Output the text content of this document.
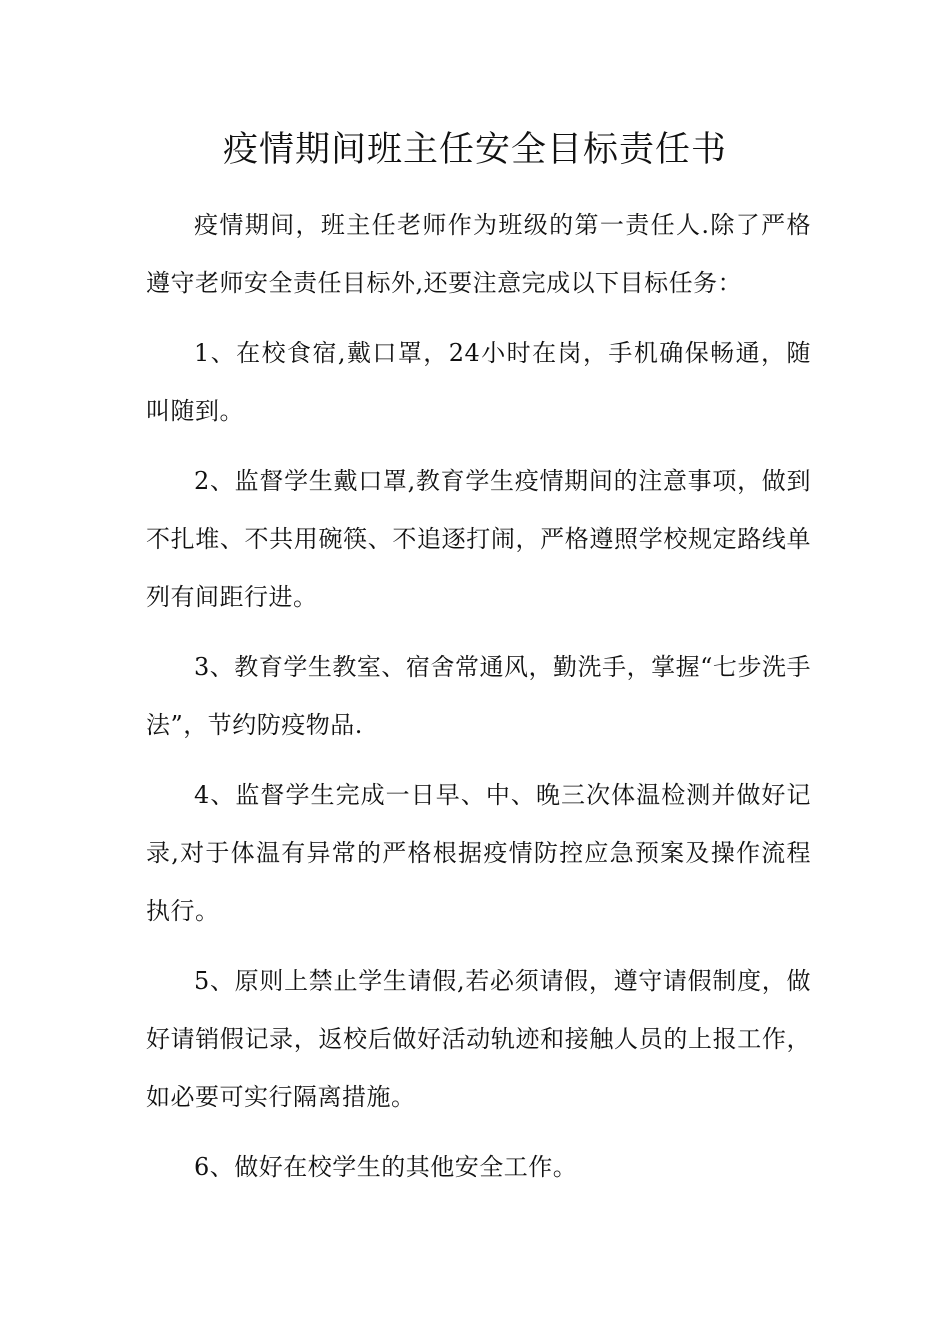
疫情期间班主任安全目标责任书

疫情期间，班主任老师作为班级的第一责任人.除了严格遵守老师安全责任目标外,还要注意完成以下目标任务：

1、在校食宿,戴口罩，24小时在岗，手机确保畅通，随叫随到。

2、监督学生戴口罩,教育学生疫情期间的注意事项，做到不扎堆、不共用碗筷、不追逐打闹，严格遵照学校规定路线单列有间距行进。

3、教育学生教室、宿舍常通风，勤洗手，掌握“七步洗手法”，节约防疫物品.

4、监督学生完成一日早、中、晚三次体温检测并做好记录,对于体温有异常的严格根据疫情防控应急预案及操作流程执行。

5、原则上禁止学生请假,若必须请假，遵守请假制度，做好请销假记录，返校后做好活动轨迹和接触人员的上报工作，如必要可实行隔离措施。

6、做好在校学生的其他安全工作。
